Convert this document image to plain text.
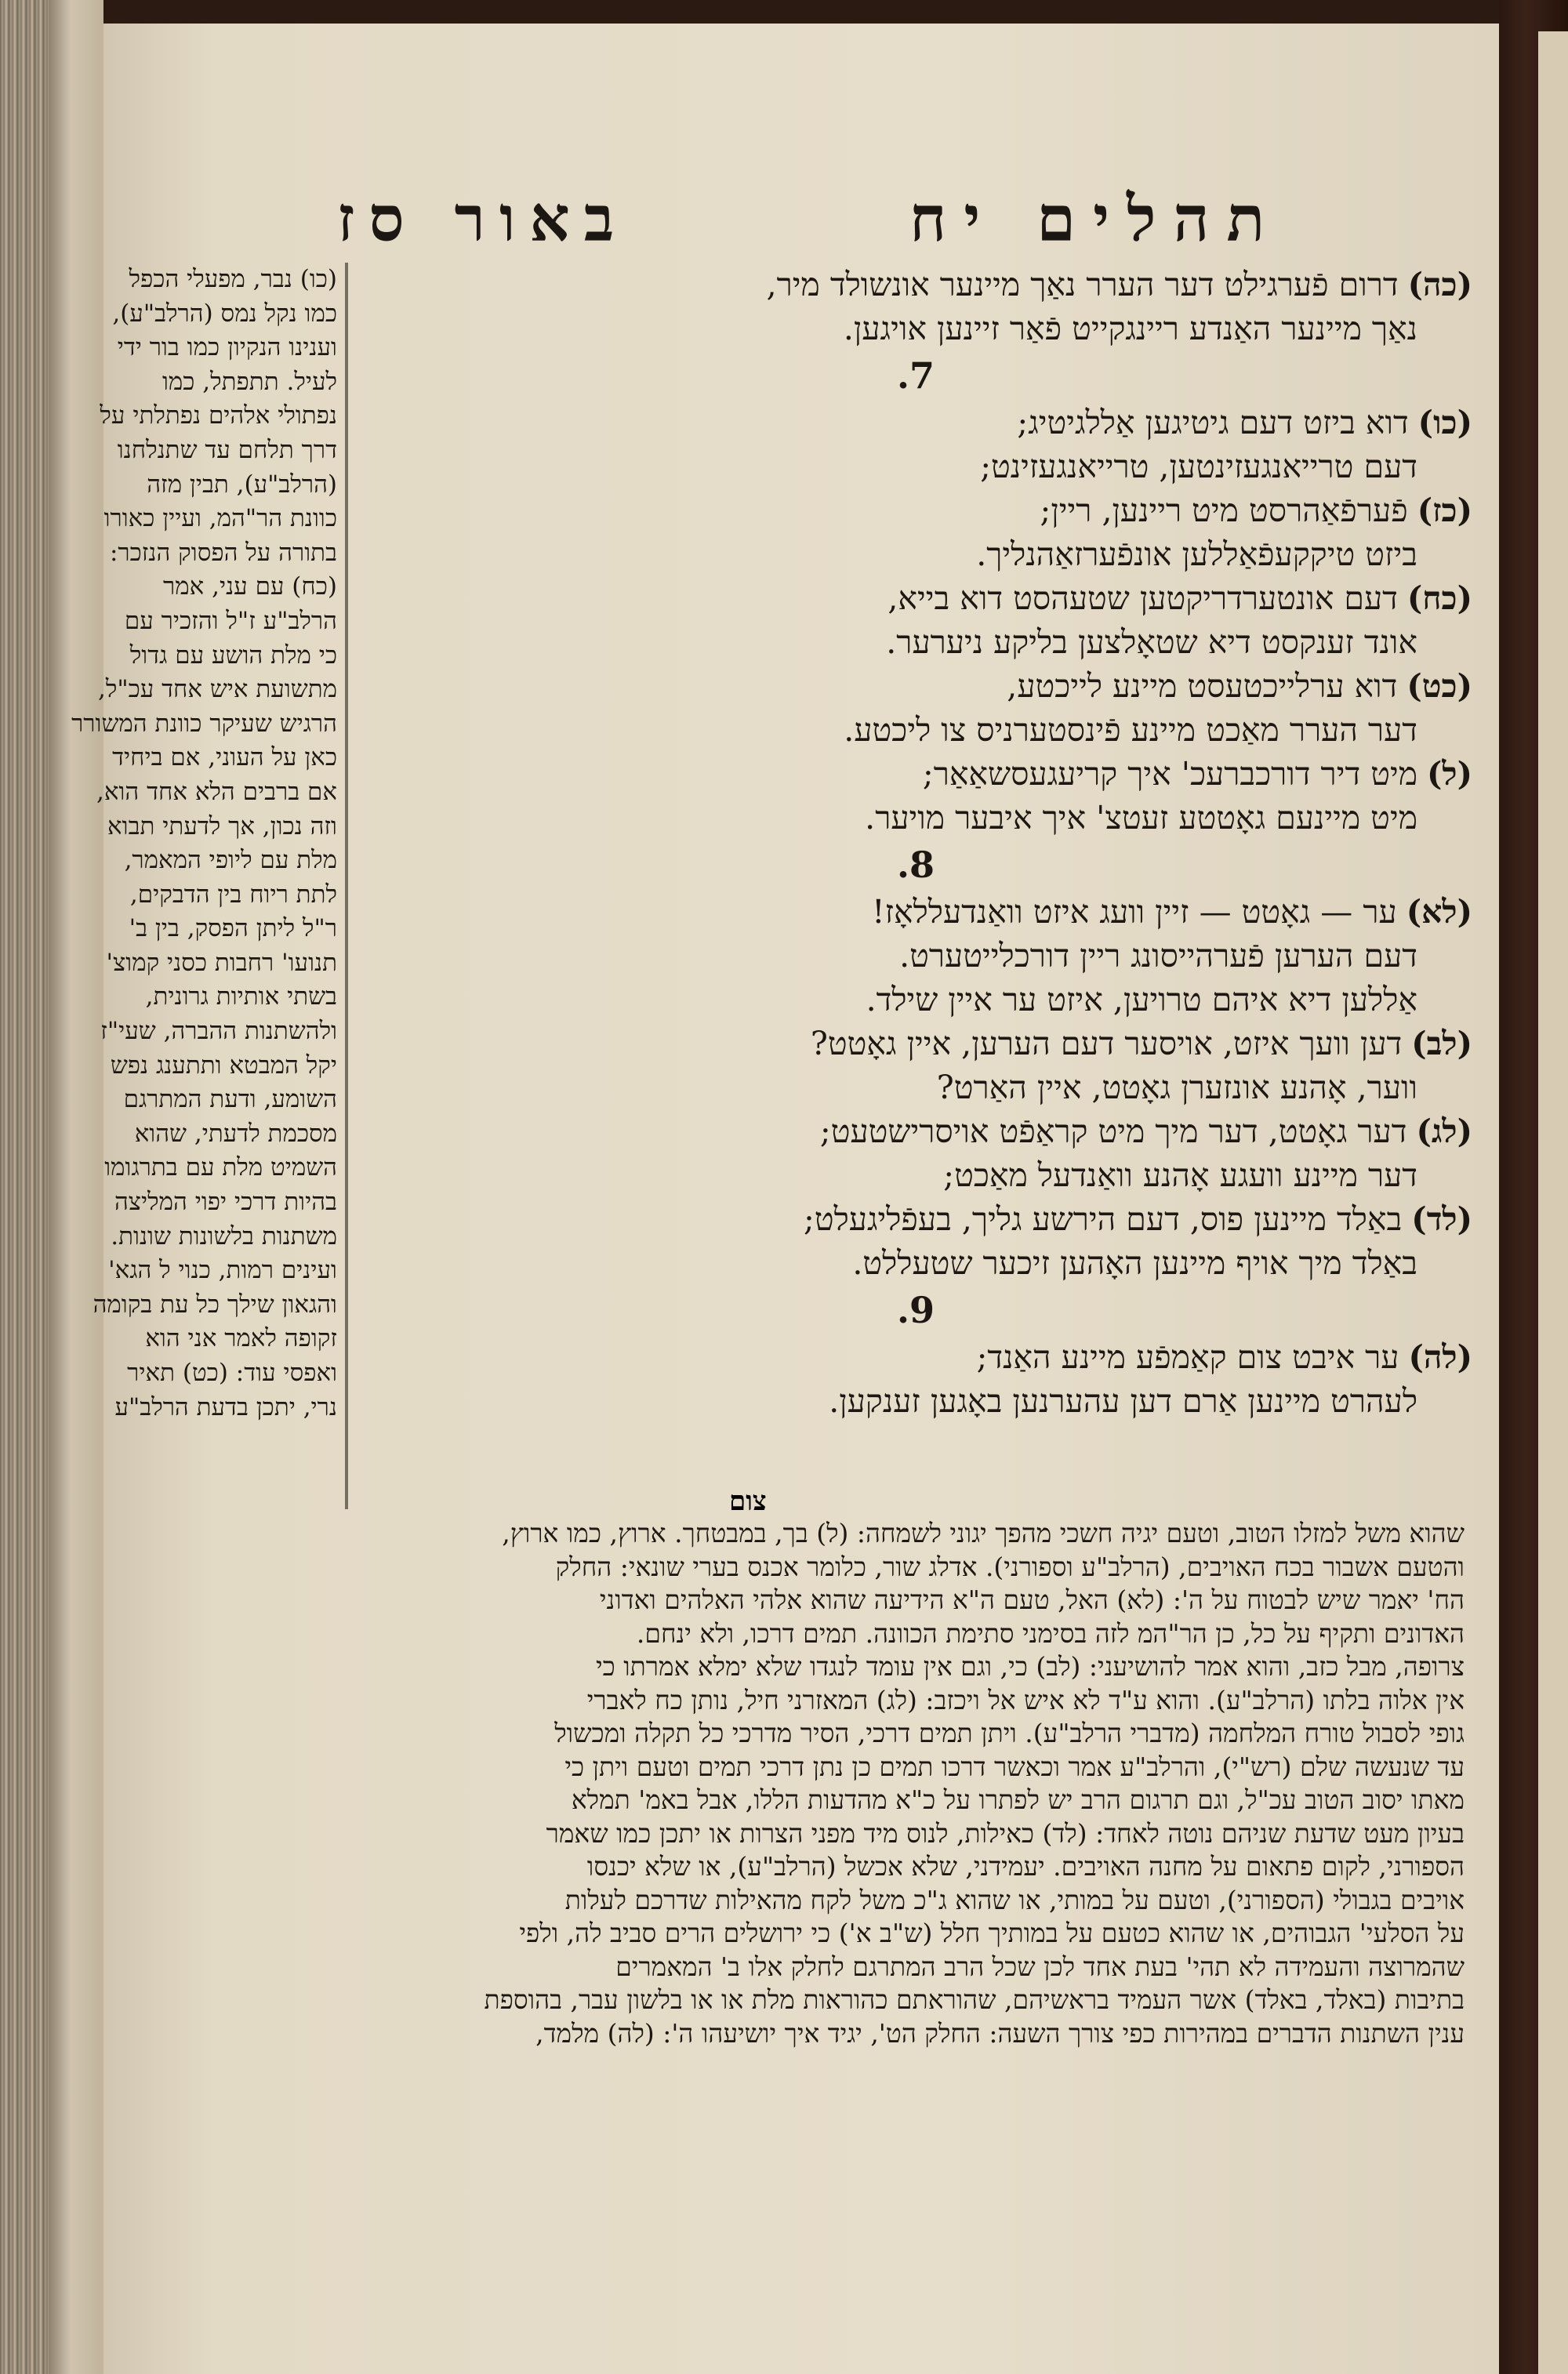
באור סז	תהלים יח
(כה)דרום פֿערגילט דער הערר נאַך מיינער אונשולד מיר,
נאַך מיינער האַנדע ריינגקייט פֿאַר זיינען אויגען.
7.
(כו)דוא ביזט דעם גיטיגען אַללגיטיג;
דעם טרייאנגעזינטען, טרייאנגעזינט;
(כז)פֿערפֿאַהרסט מיט ריינען, ריין;
ביזט טיקקעפֿאַללען אונפֿערזאַהנליך.
(כח)דעם אונטערדריקטען שטעהסט דוא בייא,
אונד זענקסט דיא שטאָלצען בליקע ניערער.
(כט)דוא ערלייכטעסט מיינע לייכטע,
דער הערר מאַכט מיינע פֿינסטערניס צו ליכטע.
(ל)מיט דיר דורכברעכ' איך קריעגעסשאַאַר;
מיט מיינעם גאָטטע זעטצ' איך איבער מויער.
8.
(לא)ער — גאָטט — זיין וועג איזט וואַנדעללאָז!
דעם הערען פֿערהייסונג ריין דורכלייטערט.
אַללען דיא איהם טרויען, איזט ער איין שילד.
(לב)דען וועך איזט, אויסער דעם הערען, איין גאָטט?
ווער, אָהנע אונזערן גאָטט, איין האַרט?
(לג)דער גאָטט, דער מיך מיט קראַפֿט אויסרישטעט;
דער מיינע וועגע אָהנע וואַנדעל מאַכט;
(לד)באַלד מיינען פוס, דעם הירשע גליך, בעפֿליגעלט;
באַלד מיך אויף מיינען האָהען זיכער שטעללט.
9.
(לה)ער איבט צום קאַמפֿע מיינע האַנד;
לעהרט מיינען אַרם דען עהערנען באָגען זענקען.
(כו) נבר, מפעלי הכפל
כמו נקל נמס (הרלב"ע),
וענינו הנקיון כמו בור ידי
לעיל. תתפתל, כמו
נפתולי אלהים נפתלתי על
דרך תלחם עד שתנלחנו
(הרלב"ע), תבין מזה
כוונת הר"המ, ועיין כאורו
בתורה על הפסוק הנזכר:
(כח) עם עני, אמר
הרלב"ע ז"ל והזכיר עם
כי מלת הושע עם גדול
מתשועת איש אחד עכ"ל,
הרגיש שעיקר כוונת המשורר
כאן על העוני, אם ביחיד
אם ברבים הלא אחד הוא,
וזה נכון, אך לדעתי תבוא
מלת עם ליופי המאמר,
לתת ריוח בין הדבקים,
ר"ל ליתן הפסק, בין ב'
תנועו' רחבות כסני קמוצ'
בשתי אותיות גרונית,
ולהשתנות ההברה, שעי"ז
יקל המבטא ותתענג נפש
השומע, ודעת המתרגם
מסכמת לדעתי, שהוא
השמיט מלת עם בתרגומו
בהיות דרכי יפוי המליצה
משתנות בלשונות שונות.
ועינים רמות, כנוי ל הגא'
והגאון שילך כל עת בקומה
זקופה לאמר אני הוא
ואפסי עוד: (כט) תאיר
נרי, יתכן בדעת הרלב"ע
צום
שהוא משל למזלו הטוב, וטעם יגיה חשכי מהפך יגוני לשמחה: (ל) בך, במבטחך. ארוץ, כמו ארוץ,
והטעם אשבור בכח האויבים, (הרלב"ע וספורני). אדלג שור, כלומר אכנס בערי שונאי: החלק
הח' יאמר שיש לבטוח על ה': (לא) האל, טעם ה"א הידיעה שהוא אלהי האלהים ואדוני
האדונים ותקיף על כל, כן הר"המ לזה בסימני סתימת הכוונה. תמים דרכו, ולא ינחם.
צרופה, מבל כזב, והוא אמר להושיעני: (לב) כי, וגם אין עומד לנגדו שלא ימלא אמרתו כי
אין אלוה בלתו (הרלב"ע). והוא ע"ד לא איש אל ויכזב: (לג) המאזרני חיל, נותן כח לאברי
גופי לסבול טורח המלחמה (מדברי הרלב"ע). ויתן תמים דרכי, הסיר מדרכי כל תקלה ומכשול
עד שנעשה שלם (רש"י), והרלב"ע אמר וכאשר דרכו תמים כן נתן דרכי תמים וטעם ויתן כי
מאתו יסוב הטוב עכ"ל, וגם תרגום הרב יש לפתרו על כ"א מהדעות הללו, אבל באמ' תמלא
בעיון מעט שדעת שניהם נוטה לאחד: (לד) כאילות, לנוס מיד מפני הצרות או יתכן כמו שאמר
הספורני, לקום פתאום על מחנה האויבים. יעמידני, שלא אכשל (הרלב"ע), או שלא יכנסו
אויבים בגבולי (הספורני), וטעם על במותי, או שהוא ג"כ משל לקח מהאילות שדרכם לעלות
על הסלעי' הגבוהים, או שהוא כטעם על במותיך חלל (ש"ב א') כי ירושלים הרים סביב לה, ולפי
שהמרוצה והעמידה לא תהי' בעת אחד לכן שכל הרב המתרגם לחלק אלו ב' המאמרים
בתיבות (באלד, באלד) אשר העמיד בראשיהם, שהוראתם כהוראות מלת או או בלשון עבר, בהוספת
ענין השתנות הדברים במהירות כפי צורך השעה: החלק הט', יגיד איך יושיעהו ה': (לה) מלמד,
